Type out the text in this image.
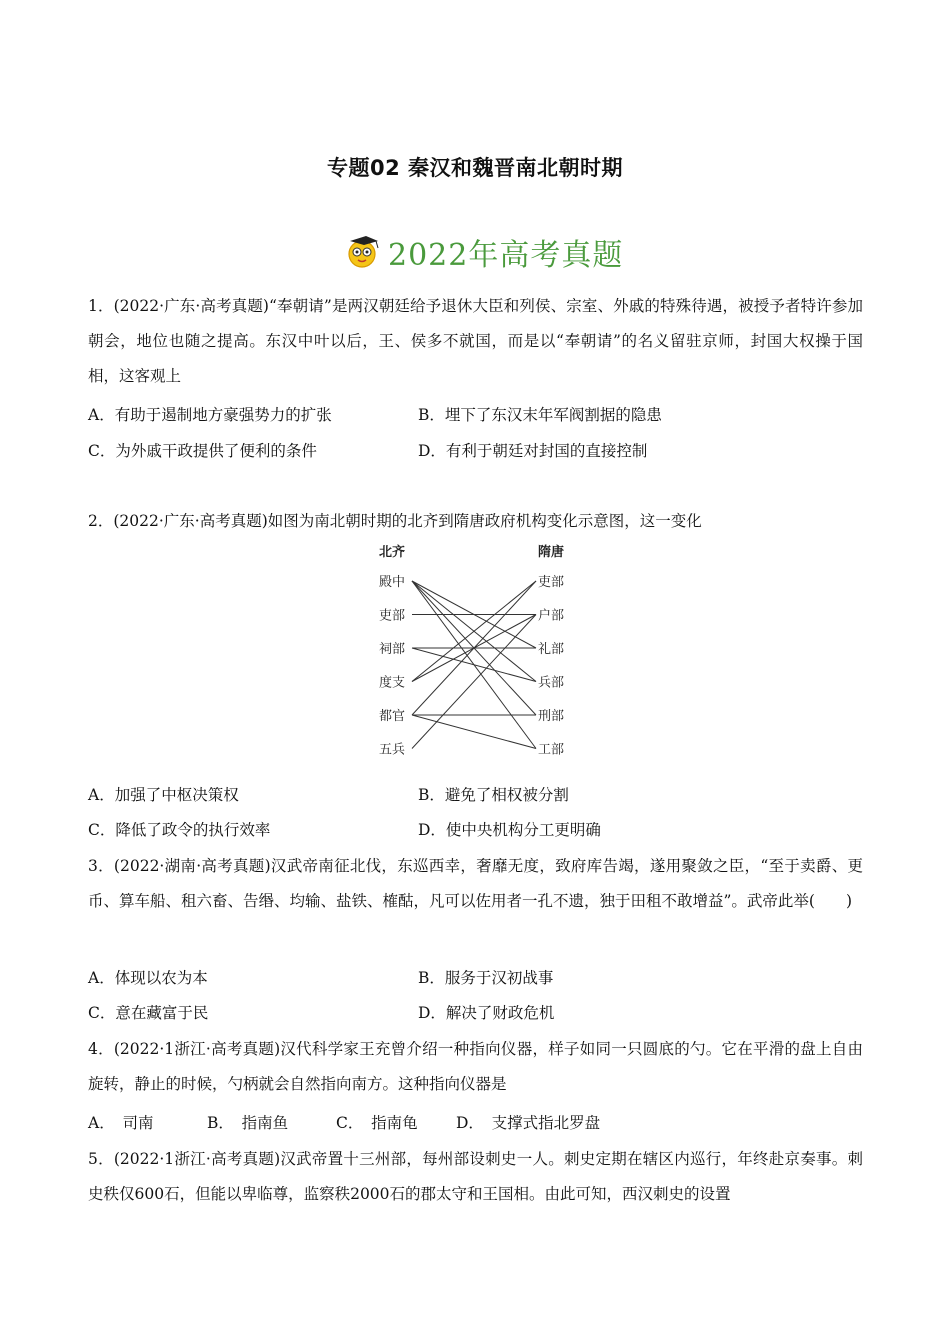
专题02 秦汉和魏晋南北朝时期
2022年高考真题
1．(2022·广东·高考真题)“奉朝请”是两汉朝廷给予退休大臣和列侯、宗室、外戚的特殊待遇，被授予者特许参加朝会，地位也随之提高。东汉中叶以后，王、侯多不就国，而是以“奉朝请”的名义留驻京师，封国大权操于国相，这客观上
A．有助于遏制地方豪强势力的扩张	B．埋下了东汉末年军阀割据的隐患
C．为外戚干政提供了便利的条件	D．有利于朝廷对封国的直接控制
2．(2022·广东·高考真题)如图为南北朝时期的北齐到隋唐政府机构变化示意图，这一变化
北齐	隋唐
殿中
吏部
祠部
度支
都官
五兵
吏部
户部
礼部
兵部
刑部
工部
A．加强了中枢决策权	B．避免了相权被分割
C．降低了政令的执行效率	D．使中央机构分工更明确
3．(2022·湖南·高考真题)汉武帝南征北伐，东巡西幸，奢靡无度，致府库告竭，遂用聚敛之臣，“至于卖爵、更币、算车船、租六畜、告缗、均输、盐铁、榷酤，凡可以佐用者一孔不遗，独于田租不敢增益”。武帝此举(　　)
A．体现以农为本	B．服务于汉初战事
C．意在藏富于民	D．解决了财政危机
4．(2022·1浙江·高考真题)汉代科学家王充曾介绍一种指向仪器，样子如同一只圆底的勺。它在平滑的盘上自由旋转，静止的时候，勺柄就会自然指向南方。这种指向仪器是
A．　司南	B．　指南鱼	C．　指南龟 D．　支撑式指北罗盘
5．(2022·1浙江·高考真题)汉武帝置十三州部，每州部设刺史一人。刺史定期在辖区内巡行，年终赴京奏事。刺史秩仅600石，但能以卑临尊，监察秩2000石的郡太守和王国相。由此可知，西汉刺史的设置
